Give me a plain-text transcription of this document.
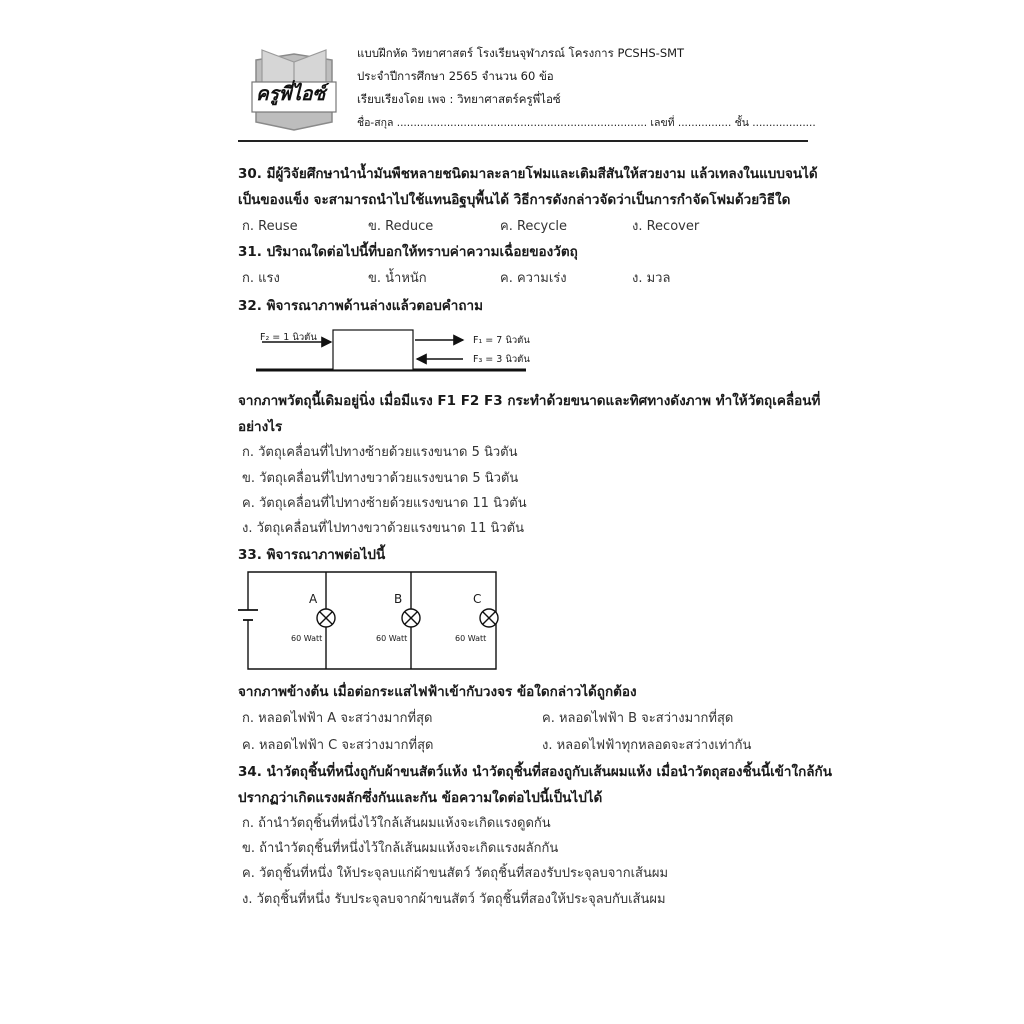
ครูพี่ไอซ์
แบบฝึกหัด วิทยาศาสตร์ โรงเรียนจุฬาภรณ์ โครงการ PCSHS-SMT
ประจำปีการศึกษา 2565 จำนวน 60 ข้อ
เรียบเรียงโดย เพจ : วิทยาศาสตร์ครูพี่ไอซ์
ชื่อ-สกุล ........................................................................... เลขที่ ................ ชั้น ...................
30. มีผู้วิจัยศึกษานำน้ำมันพืชหลายชนิดมาละลายโฟมและเติมสีสันให้สวยงาม แล้วเทลงในแบบจนได้
เป็นของแข็ง จะสามารถนำไปใช้แทนอิฐบุพื้นได้ วิธีการดังกล่าวจัดว่าเป็นการกำจัดโฟมด้วยวิธีใด
ก. Reuse	ข. Reduce	ค. Recycle	ง. Recover
31. ปริมาณใดต่อไปนี้ที่บอกให้ทราบค่าความเฉื่อยของวัตถุ
ก. แรง	ข. น้ำหนัก	ค. ความเร่ง	ง. มวล
32. พิจารณาภาพด้านล่างแล้วตอบคำถาม
F₂ = 1 นิวตัน	F₁ = 7 นิวตัน
F₃ = 3 นิวตัน
จากภาพวัตถุนี้เดิมอยู่นิ่ง เมื่อมีแรง F1 F2 F3 กระทำด้วยขนาดและทิศทางดังภาพ ทำให้วัตถุเคลื่อนที่
อย่างไร
ก. วัตถุเคลื่อนที่ไปทางซ้ายด้วยแรงขนาด 5 นิวตัน
ข. วัตถุเคลื่อนที่ไปทางขวาด้วยแรงขนาด 5 นิวตัน
ค. วัตถุเคลื่อนที่ไปทางซ้ายด้วยแรงขนาด 11 นิวตัน
ง. วัตถุเคลื่อนที่ไปทางขวาด้วยแรงขนาด 11 นิวตัน
33. พิจารณาภาพต่อไปนี้
A	B	C
60 Watt	60 Watt	60 Watt
จากภาพข้างต้น เมื่อต่อกระแสไฟฟ้าเข้ากับวงจร ข้อใดกล่าวได้ถูกต้อง
ก. หลอดไฟฟ้า A จะสว่างมากที่สุด	ค. หลอดไฟฟ้า B จะสว่างมากที่สุด
ค. หลอดไฟฟ้า C จะสว่างมากที่สุด	ง. หลอดไฟฟ้าทุกหลอดจะสว่างเท่ากัน
34. นำวัตถุชิ้นที่หนึ่งถูกับผ้าขนสัตว์แห้ง นำวัตถุชิ้นที่สองถูกับเส้นผมแห้ง เมื่อนำวัตถุสองชิ้นนี้เข้าใกล้กัน
ปรากฏว่าเกิดแรงผลักซึ่งกันและกัน ข้อความใดต่อไปนี้เป็นไปได้
ก. ถ้านำวัตถุชิ้นที่หนึ่งไว้ใกล้เส้นผมแห้งจะเกิดแรงดูดกัน
ข. ถ้านำวัตถุชิ้นที่หนึ่งไว้ใกล้เส้นผมแห้งจะเกิดแรงผลักกัน
ค. วัตถุชิ้นที่หนึ่ง ให้ประจุลบแก่ผ้าขนสัตว์ วัตถุชิ้นที่สองรับประจุลบจากเส้นผม
ง. วัตถุชิ้นที่หนึ่ง รับประจุลบจากผ้าขนสัตว์ วัตถุชิ้นที่สองให้ประจุลบกับเส้นผม
